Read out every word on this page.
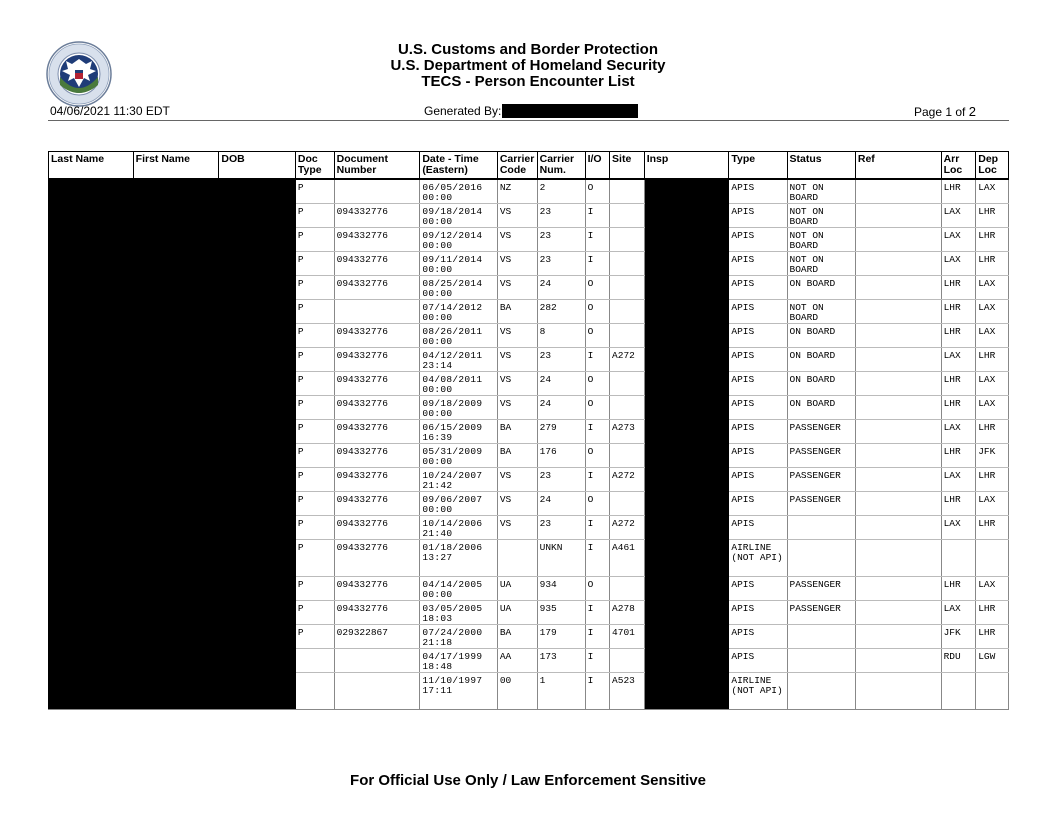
U.S. Customs and Border Protection
U.S. Department of Homeland Security
TECS - Person Encounter List
04/06/2021 11:30 EDT	Generated By:	Page 1 of 2
Last Name	First Name	DOB	Doc Type	Document Number	Date - Time (Eastern)	Carrier Code	Carrier Num.	I/O	Site	Insp	Type	Status	Ref	Arr Loc	Dep Loc
			P		06/05/2016 00:00	NZ	2	O			APIS	NOT ON BOARD		LHR	LAX
			P	094332776	09/18/2014 00:00	VS	23	I			APIS	NOT ON BOARD		LAX	LHR
			P	094332776	09/12/2014 00:00	VS	23	I			APIS	NOT ON BOARD		LAX	LHR
			P	094332776	09/11/2014 00:00	VS	23	I			APIS	NOT ON BOARD		LAX	LHR
			P	094332776	08/25/2014 00:00	VS	24	O			APIS	ON BOARD		LHR	LAX
			P		07/14/2012 00:00	BA	282	O			APIS	NOT ON BOARD		LHR	LAX
			P	094332776	08/26/2011 00:00	VS	8	O			APIS	ON BOARD		LHR	LAX
			P	094332776	04/12/2011 23:14	VS	23	I	A272		APIS	ON BOARD		LAX	LHR
			P	094332776	04/08/2011 00:00	VS	24	O			APIS	ON BOARD		LHR	LAX
			P	094332776	09/18/2009 00:00	VS	24	O			APIS	ON BOARD		LHR	LAX
			P	094332776	06/15/2009 16:39	BA	279	I	A273		APIS	PASSENGER		LAX	LHR
			P	094332776	05/31/2009 00:00	BA	176	O			APIS	PASSENGER		LHR	JFK
			P	094332776	10/24/2007 21:42	VS	23	I	A272		APIS	PASSENGER		LAX	LHR
			P	094332776	09/06/2007 00:00	VS	24	O			APIS	PASSENGER		LHR	LAX
			P	094332776	10/14/2006 21:40	VS	23	I	A272		APIS			LAX	LHR
			P	094332776	01/18/2006 13:27		UNKN	I	A461		AIRLINE (NOT API)				
			P	094332776	04/14/2005 00:00	UA	934	O			APIS	PASSENGER		LHR	LAX
			P	094332776	03/05/2005 18:03	UA	935	I	A278		APIS	PASSENGER		LAX	LHR
			P	029322867	07/24/2000 21:18	BA	179	I	4701		APIS			JFK	LHR
					04/17/1999 18:48	AA	173	I			APIS			RDU	LGW
					11/10/1997 17:11	00	1	I	A523		AIRLINE (NOT API)				
For Official Use Only / Law Enforcement Sensitive
